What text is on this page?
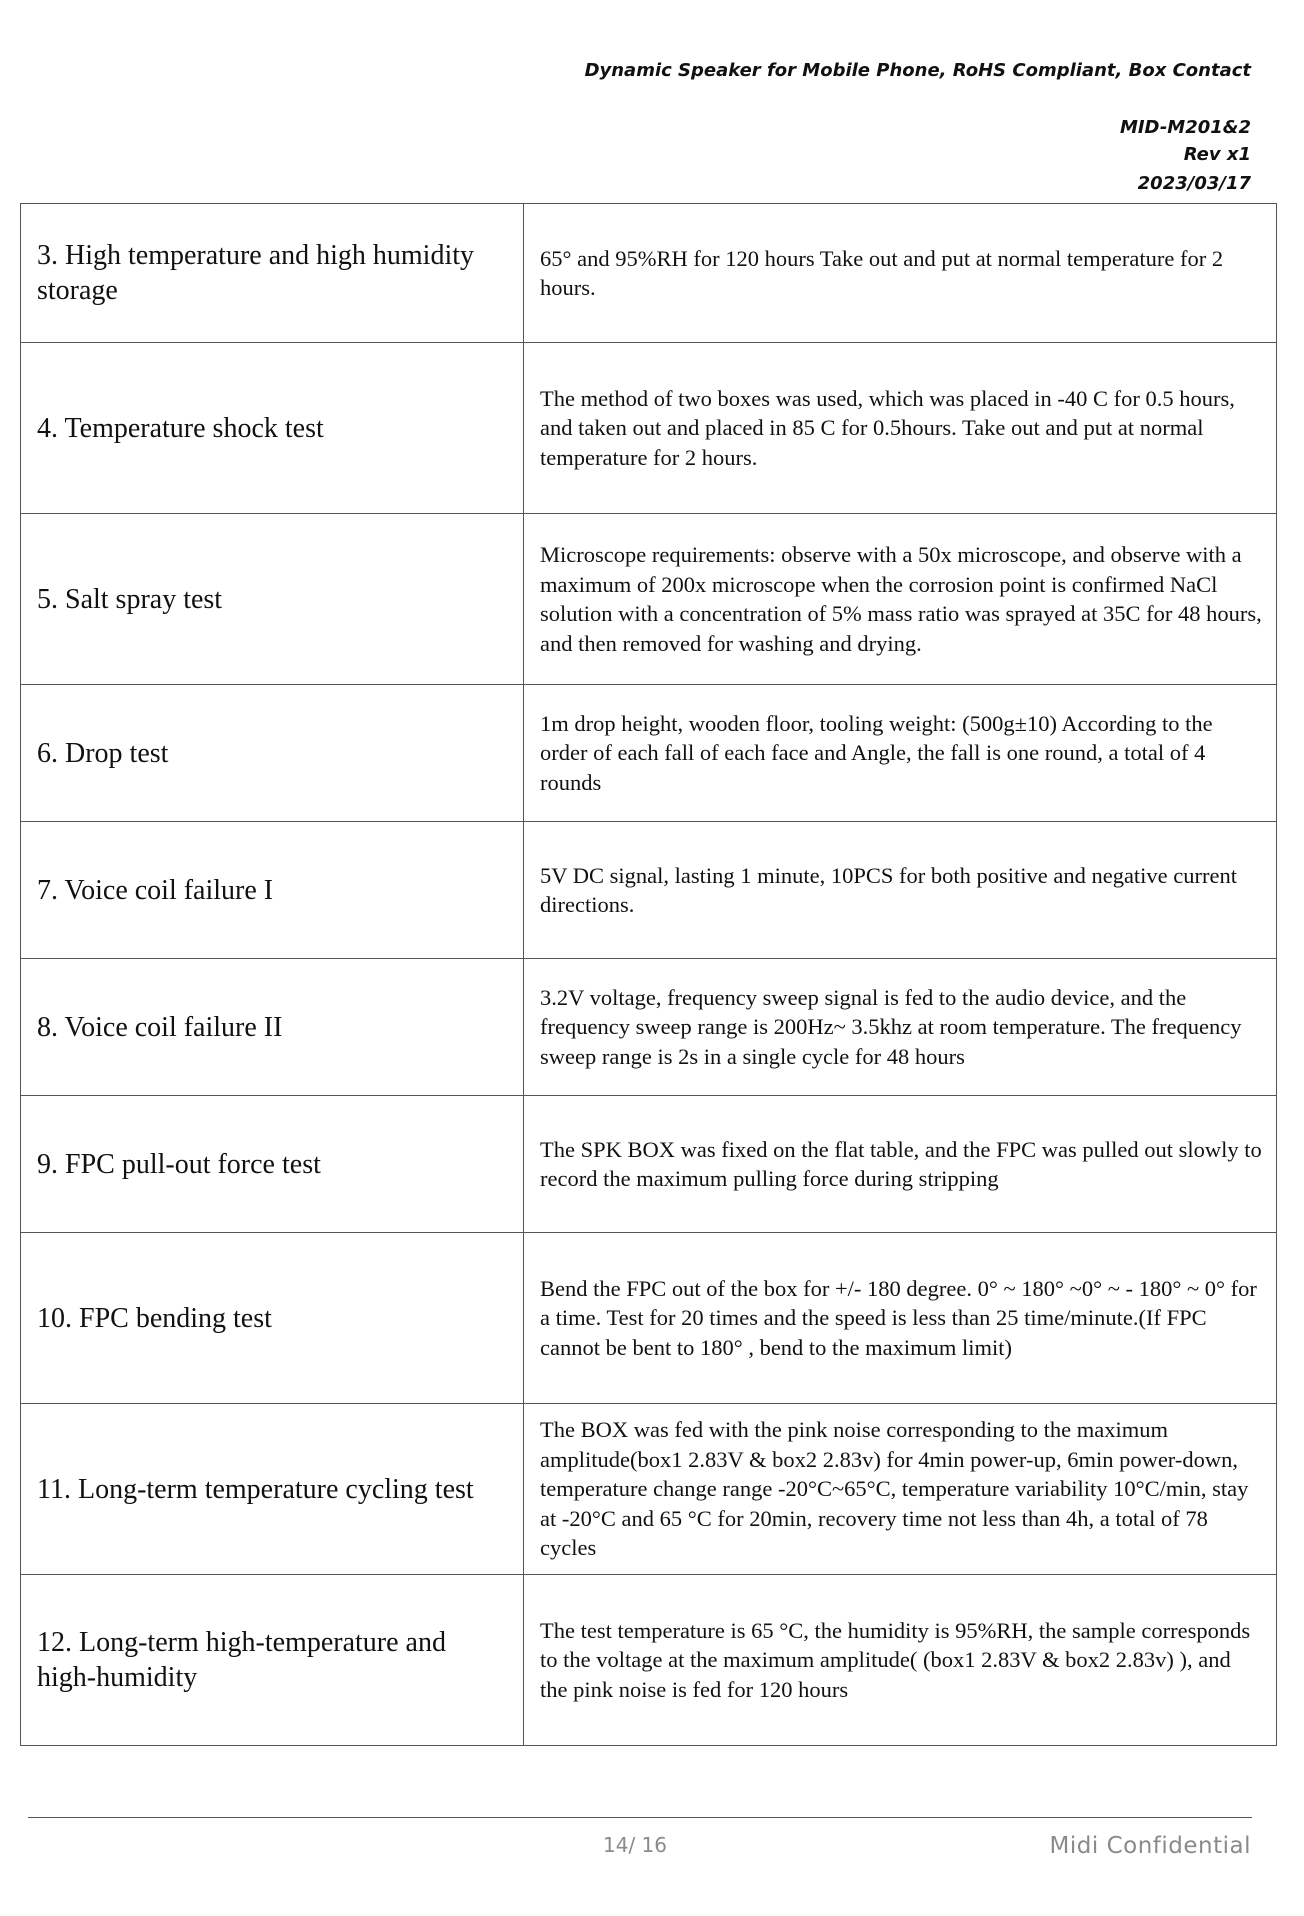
Dynamic Speaker for Mobile Phone, RoHS Compliant, Box Contact
MID-M201&2
Rev x1
2023/03/17
3. High temperature and high humidity storage	65° and 95%RH for 120 hours Take out and put at normal temperature for 2 hours.

4. Temperature shock test	The method of two boxes was used, which was placed in -40 C for 0.5 hours, and taken out and placed in 85 C for 0.5hours. Take out and put at normal temperature for 2 hours.

5. Salt spray test	Microscope requirements: observe with a 50x microscope, and observe with a maximum of 200x microscope when the corrosion point is confirmed NaCl solution with a concentration of 5% mass ratio was sprayed at 35C for 48 hours, and then removed for washing and drying.

6. Drop test	1m drop height, wooden floor, tooling weight: (500g±10) According to the order of each fall of each face and Angle, the fall is one round, a total of 4 rounds

7. Voice coil failure I	5V DC signal, lasting 1 minute, 10PCS for both positive and negative current directions.

8. Voice coil failure II	3.2V voltage, frequency sweep signal is fed to the audio device, and the frequency sweep range is 200Hz~ 3.5khz at room temperature. The frequency sweep range is 2s in a single cycle for 48 hours

9. FPC pull-out force test	The SPK BOX was fixed on the flat table, and the FPC was pulled out slowly to record the maximum pulling force during stripping

10. FPC bending test	Bend the FPC out of the box for +/- 180 degree. 0° ~ 180° ~0° ~ - 180° ~ 0° for a time. Test for 20 times and the speed is less than 25 time/minute.(If FPC cannot be bent to 180° , bend to the maximum limit)

11. Long-term temperature cycling test	The BOX was fed with the pink noise corresponding to the maximum amplitude(box1 2.83V & box2 2.83v) for 4min power-up, 6min power-down, temperature change range -20°C~65°C, temperature variability 10°C/min, stay at -20°C and 65 °C for 20min, recovery time not less than 4h, a total of 78 cycles

12. Long-term high-temperature and high-humidity	The test temperature is 65 °C, the humidity is 95%RH, the sample corresponds to the voltage at the maximum amplitude( (box1 2.83V & box2 2.83v) ), and the pink noise is fed for 120 hours
14/ 16	Midi Confidential
